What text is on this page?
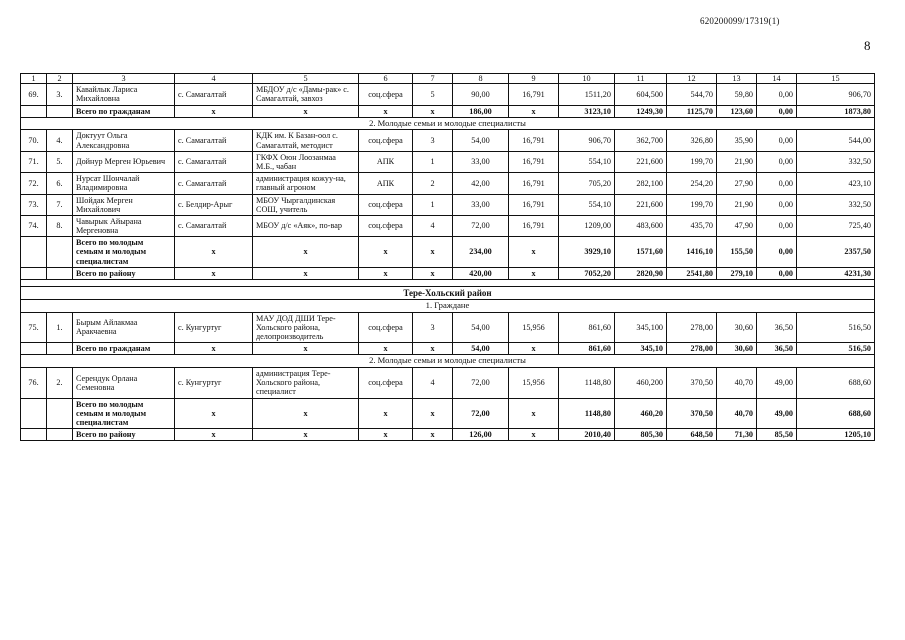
620200099/17319(1)
8
1	2	3	4	5	6	7	8	9	10	11	12	13	14	15
69.	3.	Кавайлык Лариса Михайловна	с. Самагалтай	МБДОУ д/с «Дамы-рак» с. Самагалтай, завхоз	соц.сфера	5	90,00	16,791	1511,20	604,500	544,70	59,80	0,00	906,70
		Всего по гражданам	х	х	х	х	186,00	х	3123,10	1249,30	1125,70	123,60	0,00	1873,80
2. Молодые семьи и молодые специалисты														
70.	4.	Доктуут Ольга Александровна	с. Самагалтай	КДК им. К Базан-оол с. Самагалтай, методист	соц.сфера	3	54,00	16,791	906,70	362,700	326,80	35,90	0,00	544,00
71.	5.	Дойнур Мерген Юрьевич	с. Самагалтай	ГКФХ Оюн Лоозанмаа М.Б., чабан	АПК	1	33,00	16,791	554,10	221,600	199,70	21,90	0,00	332,50
72.	6.	Нурсат Шончалай Владимировна	с. Самагалтай	администрация кожуу-на, главный агроном	АПК	2	42,00	16,791	705,20	282,100	254,20	27,90	0,00	423,10
73.	7.	Шойдак Мерген Михайлович	с. Белдир-Арыг	МБОУ Чыргалдинская СОШ, учитель	соц.сфера	1	33,00	16,791	554,10	221,600	199,70	21,90	0,00	332,50
74.	8.	Чавырык Айырана Мергеновна	с. Самагалтай	МБОУ д/с «Аяк», по-вар	соц.сфера	4	72,00	16,791	1209,00	483,600	435,70	47,90	0,00	725,40
		Всего по молодым семьям и молодым специалистам	х	х	х	х	234,00	х	3929,10	1571,60	1416,10	155,50	0,00	2357,50
		Всего по району	х	х	х	х	420,00	х	7052,20	2820,90	2541,80	279,10	0,00	4231,30

Тере-Хольский район														
1. Граждане														
75.	1.	Бырым Айлакмаа Аракчаевна	с. Кунгуртуг	МАУ ДОД ДШИ Тере-Хольского района, делопроизводитель	соц.сфера	3	54,00	15,956	861,60	345,100	278,00	30,60	36,50	516,50
		Всего по гражданам	х	х	х	х	54,00	х	861,60	345,10	278,00	30,60	36,50	516,50
2. Молодые семьи и молодые специалисты														
76.	2.	Серендук Орлана Семеновна	с. Кунгуртуг	администрация Тере-Хольского района, специалист	соц.сфера	4	72,00	15,956	1148,80	460,200	370,50	40,70	49,00	688,60
		Всего по молодым семьям и молодым специалистам	х	х	х	х	72,00	х	1148,80	460,20	370,50	40,70	49,00	688,60
		Всего по району	х	х	х	х	126,00	х	2010,40	805,30	648,50	71,30	85,50	1205,10
